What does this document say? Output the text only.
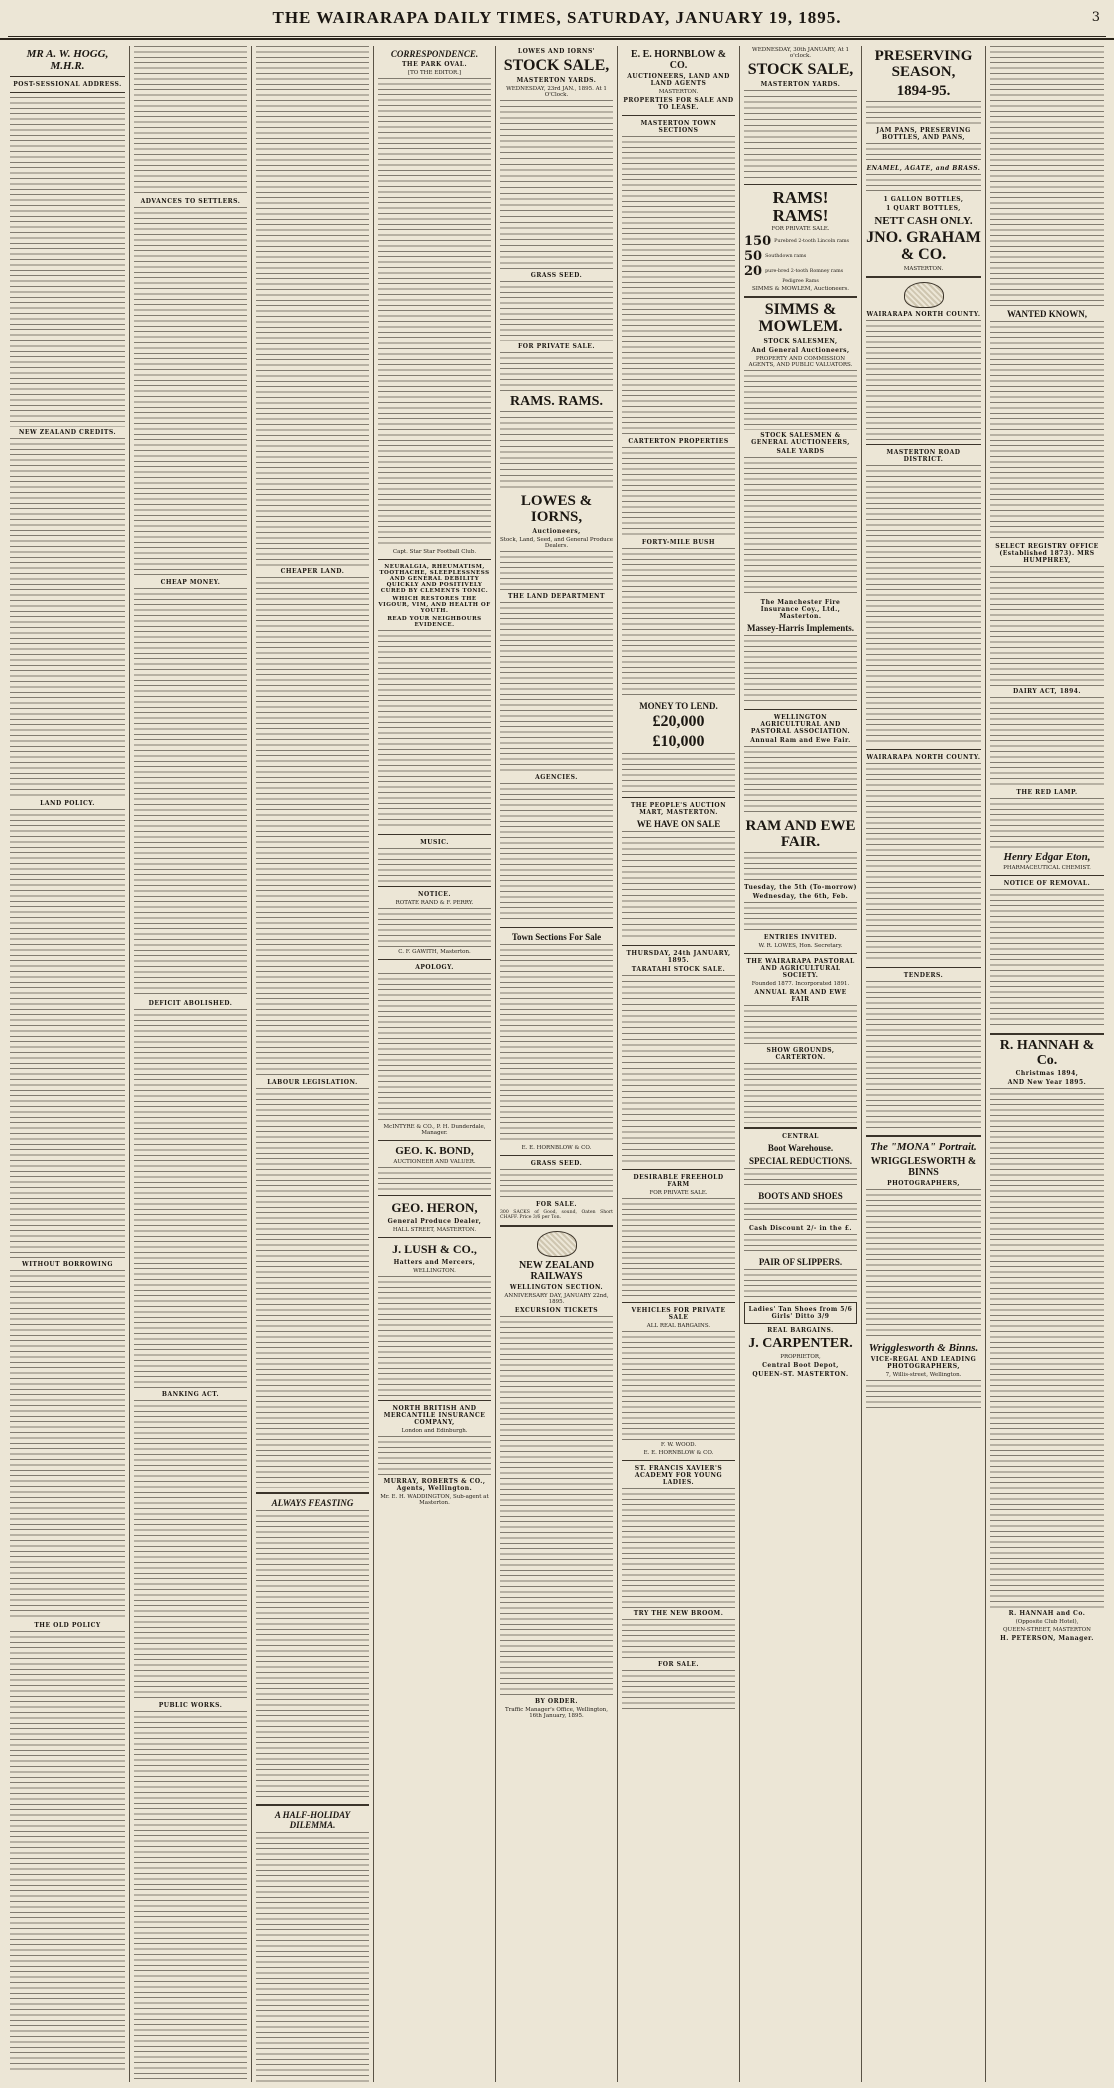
THE WAIRARAPA DAILY TIMES, SATURDAY, JANUARY 19, 1895.	3
MR A. W. HOGG, M.H.R.
POST-SESSIONAL ADDRESS.
NEW ZEALAND CREDITS.
LAND POLICY.
WITHOUT BORROWING
THE OLD POLICY
ADVANCES TO SETTLERS.
CHEAP MONEY.
DEFICIT ABOLISHED.
BANKING ACT.
PUBLIC WORKS.
CHEAPER LAND.
LABOUR LEGISLATION.
ALWAYS FEASTING
A HALF-HOLIDAY DILEMMA.
CORRESPONDENCE.
THE PARK OVAL.
[TO THE EDITOR.]
Capt. Star Star Football Club.
NEURALGIA, RHEUMATISM, TOOTHACHE, SLEEPLESSNESS AND GENERAL DEBILITY QUICKLY AND POSITIVELY CURED BY CLEMENTS TONIC.
WHICH RESTORES THE VIGOUR, VIM, AND HEALTH OF YOUTH.
READ YOUR NEIGHBOURS EVIDENCE.
MUSIC.
NOTICE.
ROTATE RAND & F. PERRY.
C. F. GAWITH, Masterton.
APOLOGY.
McINTYRE & CO., P. H. Dunderdale, Manager.
GEO. K. BOND,
AUCTIONEER AND VALUER.
GEO. HERON,
General Produce Dealer,
HALL STREET, MASTERTON.
J. LUSH & CO.,
Hatters and Mercers,
WELLINGTON.
NORTH BRITISH AND MERCANTILE INSURANCE COMPANY,
London and Edinburgh.
MURRAY, ROBERTS & CO., Agents, Wellington.
Mr. E. H. WADDINGTON, Sub-agent at Masterton.
LOWES AND IORNS'
STOCK SALE,
MASTERTON YARDS.
WEDNESDAY, 23rd JAN., 1895. At 1 O'Clock.
GRASS SEED.
FOR PRIVATE SALE.
RAMS. RAMS.
LOWES & IORNS,
Auctioneers,
Stock, Land, Seed, and General Produce Dealers.
THE LAND DEPARTMENT
AGENCIES.
Town Sections For Sale
E. E. HORNBLOW & CO.
GRASS SEED.
FOR SALE.

300 SACKS of Good, sound, Oaten Short CHAFF. Price 3/6 per Ton.

NEW ZEALAND RAILWAYS
WELLINGTON SECTION.
ANNIVERSARY DAY, JANUARY 22nd, 1895.
EXCURSION TICKETS
BY ORDER.
Traffic Manager's Office, Wellington, 16th January, 1895.
E. E. HORNBLOW & CO.
AUCTIONEERS, LAND AND LAND AGENTS
MASTERTON.
PROPERTIES FOR SALE AND TO LEASE.
MASTERTON TOWN SECTIONS
CARTERTON PROPERTIES
FORTY-MILE BUSH
MONEY TO LEND.
£20,000
£10,000
THE PEOPLE'S AUCTION MART, MASTERTON.
WE HAVE ON SALE
THURSDAY, 24th JANUARY, 1895.
TARATAHI STOCK SALE.
DESIRABLE FREEHOLD FARM
FOR PRIVATE SALE.
VEHICLES FOR PRIVATE SALE
ALL REAL BARGAINS.
F. W. WOOD.
E. E. HORNBLOW & CO.
ST. FRANCIS XAVIER'S ACADEMY FOR YOUNG LADIES.
TRY THE NEW BROOM.
FOR SALE.
WEDNESDAY, 30th JANUARY, At 1 o'clock.
STOCK SALE,
MASTERTON YARDS.
RAMS! RAMS!
FOR PRIVATE SALE.
150 Purebred 2-tooth Lincoln rams
50 Southdown rams
20 pure-bred 2-tooth Romney rams
Pedigree Rams
SIMMS & MOWLEM, Auctioneers.
SIMMS & MOWLEM.
STOCK SALESMEN,
And General Auctioneers,
PROPERTY AND COMMISSION AGENTS, AND PUBLIC VALUATORS.
STOCK SALESMEN & GENERAL AUCTIONEERS,
SALE YARDS
The Manchester Fire Insurance Coy., Ltd., Masterton.
Massey-Harris Implements.
WELLINGTON AGRICULTURAL AND PASTORAL ASSOCIATION.
Annual Ram and Ewe Fair.
RAM AND EWE FAIR.
Tuesday, the 5th (To-morrow)
Wednesday, the 6th, Feb.
ENTRIES INVITED.
W. R. LOWES, Hon. Secretary.
THE WAIRARAPA PASTORAL AND AGRICULTURAL SOCIETY.
Founded 1877. Incorporated 1891.
ANNUAL RAM AND EWE FAIR
SHOW GROUNDS, CARTERTON.
CENTRAL
Boot Warehouse.
SPECIAL REDUCTIONS.
BOOTS AND SHOES
Cash Discount 2/- in the £.
PAIR OF SLIPPERS.
Ladies' Tan Shoes from 5/6 Girls' Ditto 3/9
REAL BARGAINS.
J. CARPENTER.
PROPRIETOR,
Central Boot Depot,
QUEEN-ST. MASTERTON.
PRESERVING SEASON,
1894-95.
JAM PANS, PRESERVING BOTTLES, AND PANS,
ENAMEL, AGATE, and BRASS.
1 GALLON BOTTLES,
1 QUART BOTTLES,
NETT CASH ONLY.
JNO. GRAHAM & CO.
MASTERTON.
WAIRARAPA NORTH COUNTY.
MASTERTON ROAD DISTRICT.
WAIRARAPA NORTH COUNTY.
TENDERS.
The "MONA" Portrait.
WRIGGLESWORTH & BINNS
PHOTOGRAPHERS,
Wrigglesworth & Binns.
VICE-REGAL AND LEADING PHOTOGRAPHERS,
7, Willis-street, Wellington.
WANTED KNOWN,
SELECT REGISTRY OFFICE (Established 1873). MRS HUMPHREY,
DAIRY ACT, 1894.
THE RED LAMP.
Henry Edgar Eton,
PHARMACEUTICAL CHEMIST.
NOTICE OF REMOVAL.
R. HANNAH & Co.
Christmas 1894,
AND New Year 1895.
R. HANNAH and Co.
(Opposite Club Hotel),
QUEEN-STREET, MASTERTON
H. PETERSON, Manager.
